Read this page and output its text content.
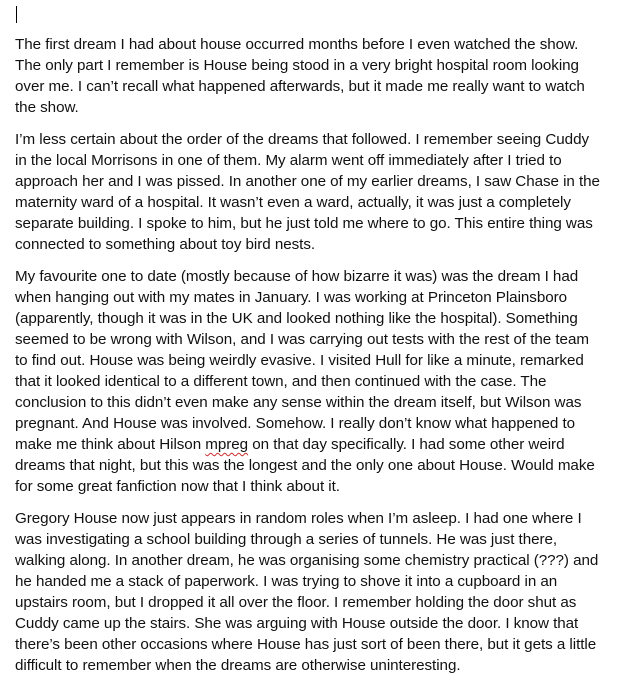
The first dream I had about house occurred months before I even watched the show.
The only part I remember is House being stood in a very bright hospital room looking
over me. I can’t recall what happened afterwards, but it made me really want to watch
the show.

I’m less certain about the order of the dreams that followed. I remember seeing Cuddy
in the local Morrisons in one of them. My alarm went off immediately after I tried to
approach her and I was pissed. In another one of my earlier dreams, I saw Chase in the
maternity ward of a hospital. It wasn’t even a ward, actually, it was just a completely
separate building. I spoke to him, but he just told me where to go. This entire thing was
connected to something about toy bird nests.

My favourite one to date (mostly because of how bizarre it was) was the dream I had
when hanging out with my mates in January. I was working at Princeton Plainsboro
(apparently, though it was in the UK and looked nothing like the hospital). Something
seemed to be wrong with Wilson, and I was carrying out tests with the rest of the team
to find out. House was being weirdly evasive. I visited Hull for like a minute, remarked
that it looked identical to a different town, and then continued with the case. The
conclusion to this didn’t even make any sense within the dream itself, but Wilson was
pregnant. And House was involved. Somehow. I really don’t know what happened to
make me think about Hilson mpreg on that day specifically. I had some other weird
dreams that night, but this was the longest and the only one about House. Would make
for some great fanfiction now that I think about it.

Gregory House now just appears in random roles when I’m asleep. I had one where I
was investigating a school building through a series of tunnels. He was just there,
walking along. In another dream, he was organising some chemistry practical (???) and
he handed me a stack of paperwork. I was trying to shove it into a cupboard in an
upstairs room, but I dropped it all over the floor. I remember holding the door shut as
Cuddy came up the stairs. She was arguing with House outside the door. I know that
there’s been other occasions where House has just sort of been there, but it gets a little
difficult to remember when the dreams are otherwise uninteresting.
